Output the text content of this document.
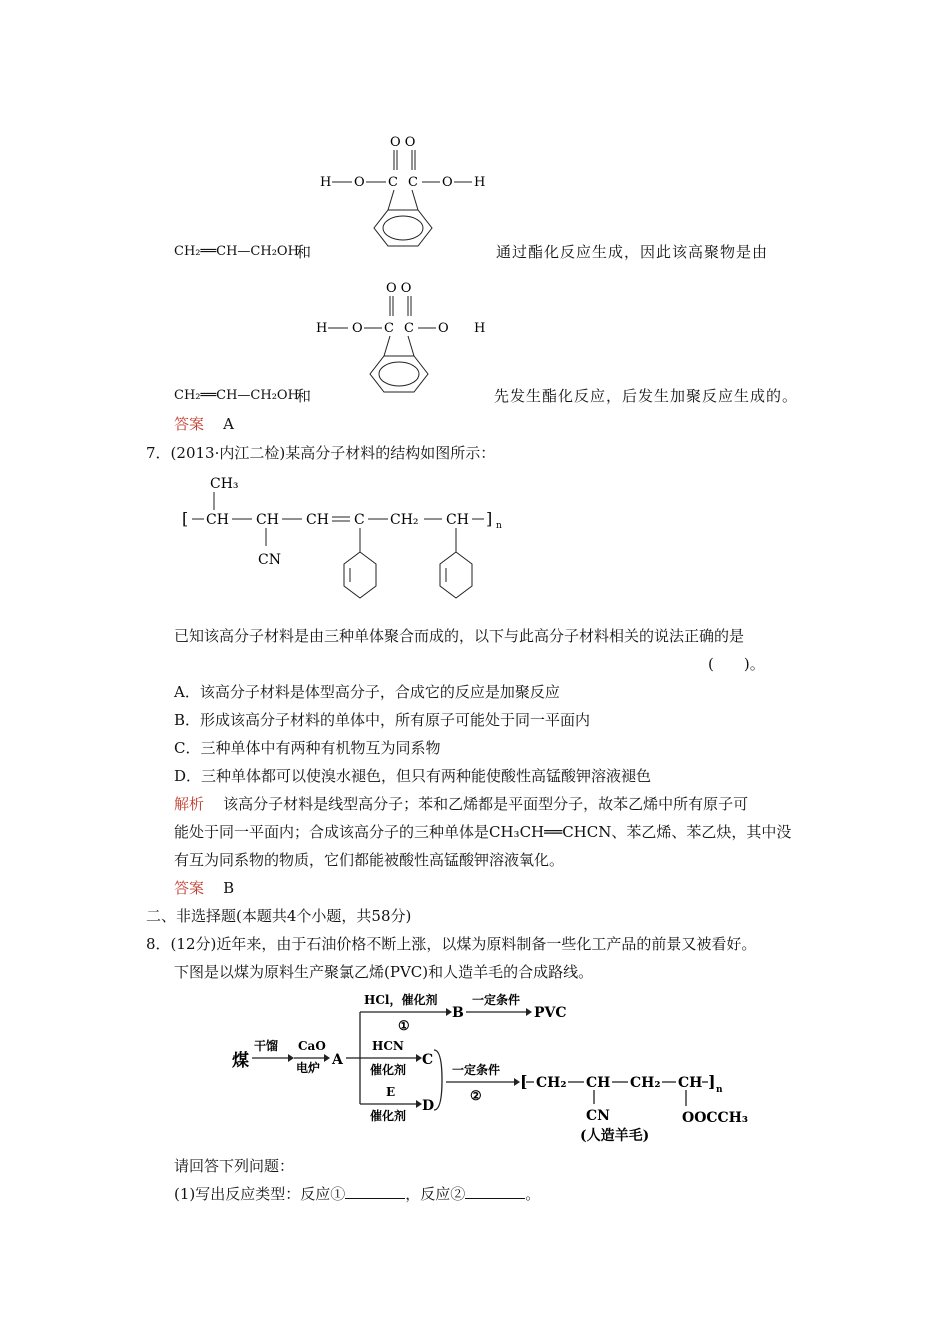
O O
H O C C O H
CH₂══CH—CH₂OH
和	通过酯化反应生成，因此该高聚物是由
O O
H O C C O H
CH₂══CH—CH₂OH
和	先发生酯化反应，后发生加聚反应生成的。
答案 A
7．(2013·内江二检)某高分子材料的结构如图所示：
CH₃
[ CH CH CH C CH₂ CH ] n
CN
已知该高分子材料是由三种单体聚合而成的，以下与此高分子材料相关的说法正确的是
(　　)。
A．该高分子材料是体型高分子，合成它的反应是加聚反应
B．形成该高分子材料的单体中，所有原子可能处于同一平面内
C．三种单体中有两种有机物互为同系物
D．三种单体都可以使溴水褪色，但只有两种能使酸性高锰酸钾溶液褪色
解析 该高分子材料是线型高分子；苯和乙烯都是平面型分子，故苯乙烯中所有原子可
能处于同一平面内；合成该高分子的三种单体是CH₃CH══CHCN、苯乙烯、苯乙炔，其中没
有互为同系物的物质，它们都能被酸性高锰酸钾溶液氧化。
答案 B
二、非选择题(本题共4个小题，共58分)
8．(12分)近年来，由于石油价格不断上涨，以煤为原料制备一些化工产品的前景又被看好。
下图是以煤为原料生产聚氯乙烯(PVC)和人造羊毛的合成路线。
煤
干馏 CaO
电炉 A
HCl，催化剂
①
B
一定条件
PVC
HCN
催化剂
C
E
催化剂
D
一定条件
②
[ CH₂ CH CH₂ CH ] n
CN	OOCCH₃
(人造羊毛)
请回答下列问题：
(1)写出反应类型：反应①	，反应②	。
